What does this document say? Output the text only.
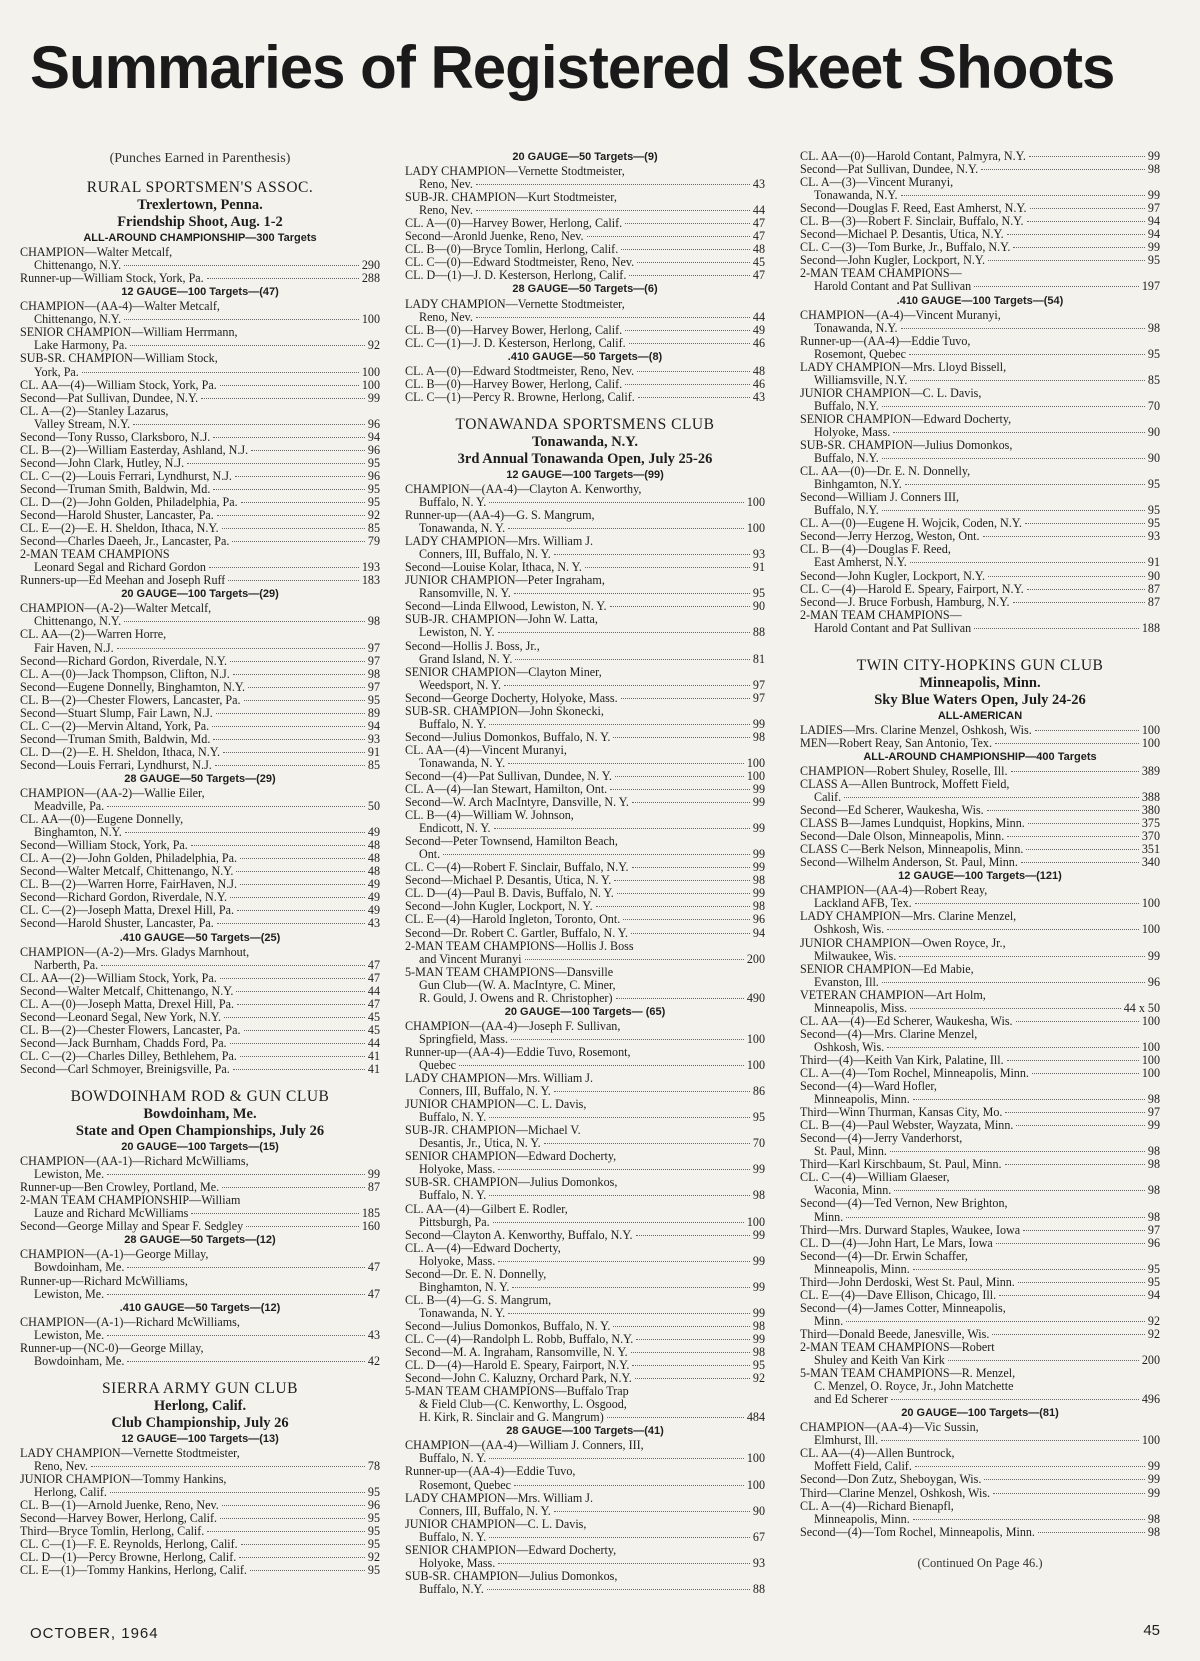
Summaries of Registered Skeet Shoots
(Punches Earned in Parenthesis)
RURAL SPORTSMEN'S ASSOC.
Trexlertown, Penna.
Friendship Shoot, Aug. 1-2
ALL-AROUND CHAMPIONSHIP—300 Targets
CHAMPION—Walter Metcalf,
Chittenango, N.Y.	290
Runner-up—William Stock, York, Pa.	288
12 GAUGE—100 Targets—(47)
CHAMPION—(AA-4)—Walter Metcalf,
Chittenango, N.Y.	100
SENIOR CHAMPION—William Herrmann,
Lake Harmony, Pa.	92
SUB-SR. CHAMPION—William Stock,
York, Pa.	100
CL. AA—(4)—William Stock, York, Pa.	100
Second—Pat Sullivan, Dundee, N.Y.	99
CL. A—(2)—Stanley Lazarus,
Valley Stream, N.Y.	96
Second—Tony Russo, Clarksboro, N.J.	94
CL. B—(2)—William Easterday, Ashland, N.J.	96
Second—John Clark, Hutley, N.J.	95
CL. C—(2)—Louis Ferrari, Lyndhurst, N.J.	96
Second—Truman Smith, Baldwin, Md.	95
CL. D—(2)—John Golden, Philadelphia, Pa.	95
Second—Harold Shuster, Lancaster, Pa.	92
CL. E—(2)—E. H. Sheldon, Ithaca, N.Y.	85
Second—Charles Daeeh, Jr., Lancaster, Pa.	79
2-MAN TEAM CHAMPIONS
Leonard Segal and Richard Gordon	193
Runners-up—Ed Meehan and Joseph Ruff	183
20 GAUGE—100 Targets—(29)
CHAMPION—(A-2)—Walter Metcalf,
Chittenango, N.Y.	98
CL. AA—(2)—Warren Horre,
Fair Haven, N.J.	97
Second—Richard Gordon, Riverdale, N.Y.	97
CL. A—(0)—Jack Thompson, Clifton, N.J.	98
Second—Eugene Donnelly, Binghamton, N.Y.	97
CL. B—(2)—Chester Flowers, Lancaster, Pa.	95
Second—Stuart Slump, Fair Lawn, N.J.	89
CL. C—(2)—Mervin Altand, York, Pa.	94
Second—Truman Smith, Baldwin, Md.	93
CL. D—(2)—E. H. Sheldon, Ithaca, N.Y.	91
Second—Louis Ferrari, Lyndhurst, N.J.	85
28 GAUGE—50 Targets—(29)
CHAMPION—(AA-2)—Wallie Eiler,
Meadville, Pa.	50
CL. AA—(0)—Eugene Donnelly,
Binghamton, N.Y.	49
Second—William Stock, York, Pa.	48
CL. A—(2)—John Golden, Philadelphia, Pa.	48
Second—Walter Metcalf, Chittenango, N.Y.	48
CL. B—(2)—Warren Horre, FairHaven, N.J.	49
Second—Richard Gordon, Riverdale, N.Y.	49
CL. C—(2)—Joseph Matta, Drexel Hill, Pa.	49
Second—Harold Shuster, Lancaster, Pa.	43
.410 GAUGE—50 Targets—(25)
CHAMPION—(A-2)—Mrs. Gladys Marnhout,
Narberth, Pa.	47
CL. AA—(2)—William Stock, York, Pa.	47
Second—Walter Metcalf, Chittenango, N.Y.	44
CL. A—(0)—Joseph Matta, Drexel Hill, Pa.	47
Second—Leonard Segal, New York, N.Y.	45
CL. B—(2)—Chester Flowers, Lancaster, Pa.	45
Second—Jack Burnham, Chadds Ford, Pa.	44
CL. C—(2)—Charles Dilley, Bethlehem, Pa.	41
Second—Carl Schmoyer, Breinigsville, Pa.	41
BOWDOINHAM ROD & GUN CLUB
Bowdoinham, Me.
State and Open Championships, July 26
20 GAUGE—100 Targets—(15)
CHAMPION—(AA-1)—Richard McWilliams,
Lewiston, Me.	99
Runner-up—Ben Crowley, Portland, Me.	87
2-MAN TEAM CHAMPIONSHIP—William
Lauze and Richard McWilliams	185
Second—George Millay and Spear F. Sedgley	160
28 GAUGE—50 Targets—(12)
CHAMPION—(A-1)—George Millay,
Bowdoinham, Me.	47
Runner-up—Richard McWilliams,
Lewiston, Me.	47
.410 GAUGE—50 Targets—(12)
CHAMPION—(A-1)—Richard McWilliams,
Lewiston, Me.	43
Runner-up—(NC-0)—George Millay,
Bowdoinham, Me.	42
SIERRA ARMY GUN CLUB
Herlong, Calif.
Club Championship, July 26
12 GAUGE—100 Targets—(13)
LADY CHAMPION—Vernette Stodtmeister,
Reno, Nev.	78
JUNIOR CHAMPION—Tommy Hankins,
Herlong, Calif.	95
CL. B—(1)—Arnold Juenke, Reno, Nev.	96
Second—Harvey Bower, Herlong, Calif.	95
Third—Bryce Tomlin, Herlong, Calif.	95
CL. C—(1)—F. E. Reynolds, Herlong, Calif.	95
CL. D—(1)—Percy Browne, Herlong, Calif.	92
CL. E—(1)—Tommy Hankins, Herlong, Calif.	95
20 GAUGE—50 Targets—(9)
LADY CHAMPION—Vernette Stodtmeister,
Reno, Nev.	43
SUB-JR. CHAMPION—Kurt Stodtmeister,
Reno, Nev.	44
CL. A—(0)—Harvey Bower, Herlong, Calif.	47
Second—Aronld Juenke, Reno, Nev.	47
CL. B—(0)—Bryce Tomlin, Herlong, Calif.	48
CL. C—(0)—Edward Stodtmeister, Reno, Nev.	45
CL. D—(1)—J. D. Kesterson, Herlong, Calif.	47
28 GAUGE—50 Targets—(6)
LADY CHAMPION—Vernette Stodtmeister,
Reno, Nev.	44
CL. B—(0)—Harvey Bower, Herlong, Calif.	49
CL. C—(1)—J. D. Kesterson, Herlong, Calif.	46
.410 GAUGE—50 Targets—(8)
CL. A—(0)—Edward Stodtmeister, Reno, Nev.	48
CL. B—(0)—Harvey Bower, Herlong, Calif.	46
CL. C—(1)—Percy R. Browne, Herlong, Calif.	43
TONAWANDA SPORTSMENS CLUB
Tonawanda, N.Y.
3rd Annual Tonawanda Open, July 25-26
12 GAUGE—100 Targets—(99)
CHAMPION—(AA-4)—Clayton A. Kenworthy,
Buffalo, N. Y.	100
Runner-up—(AA-4)—G. S. Mangrum,
Tonawanda, N. Y.	100
LADY CHAMPION—Mrs. William J.
Conners, III, Buffalo, N. Y.	93
Second—Louise Kolar, Ithaca, N. Y.	91
JUNIOR CHAMPION—Peter Ingraham,
Ransomville, N. Y.	95
Second—Linda Ellwood, Lewiston, N. Y.	90
SUB-JR. CHAMPION—John W. Latta,
Lewiston, N. Y.	88
Second—Hollis J. Boss, Jr.,
Grand Island, N. Y.	81
SENIOR CHAMPION—Clayton Miner,
Weedsport, N. Y.	97
Second—George Docherty, Holyoke, Mass.	97
SUB-SR. CHAMPION—John Skonecki,
Buffalo, N. Y.	99
Second—Julius Domonkos, Buffalo, N. Y.	98
CL. AA—(4)—Vincent Muranyi,
Tonawanda, N. Y.	100
Second—(4)—Pat Sullivan, Dundee, N. Y.	100
CL. A—(4)—Ian Stewart, Hamilton, Ont.	99
Second—W. Arch MacIntyre, Dansville, N. Y.	99
CL. B—(4)—William W. Johnson,
Endicott, N. Y.	99
Second—Peter Townsend, Hamilton Beach,
Ont.	99
CL. C—(4)—Robert F. Sinclair, Buffalo, N.Y.	99
Second—Michael P. Desantis, Utica, N. Y.	98
CL. D—(4)—Paul B. Davis, Buffalo, N. Y.	99
Second—John Kugler, Lockport, N. Y.	98
CL. E—(4)—Harold Ingleton, Toronto, Ont.	96
Second—Dr. Robert C. Gartler, Buffalo, N. Y.	94
2-MAN TEAM CHAMPIONS—Hollis J. Boss
and Vincent Muranyi	200
5-MAN TEAM CHAMPIONS—Dansville
Gun Club—(W. A. MacIntyre, C. Miner,
R. Gould, J. Owens and R. Christopher)	490
20 GAUGE—100 Targets— (65)
CHAMPION—(AA-4)—Joseph F. Sullivan,
Springfield, Mass.	100
Runner-up—(AA-4)—Eddie Tuvo, Rosemont,
Quebec	100
LADY CHAMPION—Mrs. William J.
Conners, III, Buffalo, N. Y.	86
JUNIOR CHAMPION—C. L. Davis,
Buffalo, N. Y.	95
SUB-JR. CHAMPION—Michael V.
Desantis, Jr., Utica, N. Y.	70
SENIOR CHAMPION—Edward Docherty,
Holyoke, Mass.	99
SUB-SR. CHAMPION—Julius Domonkos,
Buffalo, N. Y.	98
CL. AA—(4)—Gilbert E. Rodler,
Pittsburgh, Pa.	100
Second—Clayton A. Kenworthy, Buffalo, N.Y.	99
CL. A—(4)—Edward Docherty,
Holyoke, Mass.	99
Second—Dr. E. N. Donnelly,
Binghamton, N. Y.	99
CL. B—(4)—G. S. Mangrum,
Tonawanda, N. Y.	99
Second—Julius Domonkos, Buffalo, N. Y.	98
CL. C—(4)—Randolph L. Robb, Buffalo, N.Y.	99
Second—M. A. Ingraham, Ransomville, N. Y.	98
CL. D—(4)—Harold E. Speary, Fairport, N.Y.	95
Second—John C. Kaluzny, Orchard Park, N.Y.	92
5-MAN TEAM CHAMPIONS—Buffalo Trap
& Field Club—(C. Kenworthy, L. Osgood,
H. Kirk, R. Sinclair and G. Mangrum)	484
28 GAUGE—100 Targets—(41)
CHAMPION—(AA-4)—William J. Conners, III,
Buffalo, N. Y.	100
Runner-up—(AA-4)—Eddie Tuvo,
Rosemont, Quebec	100
LADY CHAMPION—Mrs. William J.
Conners, III, Buffalo, N. Y.	90
JUNIOR CHAMPION—C. L. Davis,
Buffalo, N. Y.	67
SENIOR CHAMPION—Edward Docherty,
Holyoke, Mass.	93
SUB-SR. CHAMPION—Julius Domonkos,
Buffalo, N.Y.	88
CL. AA—(0)—Harold Contant, Palmyra, N.Y.	99
Second—Pat Sullivan, Dundee, N.Y.	98
CL. A—(3)—Vincent Muranyi,
Tonawanda, N.Y.	99
Second—Douglas F. Reed, East Amherst, N.Y.	97
CL. B—(3)—Robert F. Sinclair, Buffalo, N.Y.	94
Second—Michael P. Desantis, Utica, N.Y.	94
CL. C—(3)—Tom Burke, Jr., Buffalo, N.Y.	99
Second—John Kugler, Lockport, N.Y.	95
2-MAN TEAM CHAMPIONS—
Harold Contant and Pat Sullivan	197
.410 GAUGE—100 Targets—(54)
CHAMPION—(A-4)—Vincent Muranyi,
Tonawanda, N.Y.	98
Runner-up—(AA-4)—Eddie Tuvo,
Rosemont, Quebec	95
LADY CHAMPION—Mrs. Lloyd Bissell,
Williamsville, N.Y.	85
JUNIOR CHAMPION—C. L. Davis,
Buffalo, N.Y.	70
SENIOR CHAMPION—Edward Docherty,
Holyoke, Mass.	90
SUB-SR. CHAMPION—Julius Domonkos,
Buffalo, N.Y.	90
CL. AA—(0)—Dr. E. N. Donnelly,
Binhgamton, N.Y.	95
Second—William J. Conners III,
Buffalo, N.Y.	95
CL. A—(0)—Eugene H. Wojcik, Coden, N.Y.	95
Second—Jerry Herzog, Weston, Ont.	93
CL. B—(4)—Douglas F. Reed,
East Amherst, N.Y.	91
Second—John Kugler, Lockport, N.Y.	90
CL. C—(4)—Harold E. Speary, Fairport, N.Y.	87
Second—J. Bruce Forbush, Hamburg, N.Y.	87
2-MAN TEAM CHAMPIONS—
Harold Contant and Pat Sullivan	188
TWIN CITY-HOPKINS GUN CLUB
Minneapolis, Minn.
Sky Blue Waters Open, July 24-26
ALL-AMERICAN
LADIES—Mrs. Clarine Menzel, Oshkosh, Wis.	100
MEN—Robert Reay, San Antonio, Tex.	100
ALL-AROUND CHAMPIONSHIP—400 Targets
CHAMPION—Robert Shuley, Roselle, Ill.	389
CLASS A—Allen Buntrock, Moffett Field,
Calif.	388
Second—Ed Scherer, Waukesha, Wis.	380
CLASS B—James Lundquist, Hopkins, Minn.	375
Second—Dale Olson, Minneapolis, Minn.	370
CLASS C—Berk Nelson, Minneapolis, Minn.	351
Second—Wilhelm Anderson, St. Paul, Minn.	340
12 GAUGE—100 Targets—(121)
CHAMPION—(AA-4)—Robert Reay,
Lackland AFB, Tex.	100
LADY CHAMPION—Mrs. Clarine Menzel,
Oshkosh, Wis.	100
JUNIOR CHAMPION—Owen Royce, Jr.,
Milwaukee, Wis.	99
SENIOR CHAMPION—Ed Mabie,
Evanston, Ill.	96
VETERAN CHAMPION—Art Holm,
Minneapolis, Miss.	44 x 50
CL. AA—(4)—Ed Scherer, Waukesha, Wis.	100
Second—(4)—Mrs. Clarine Menzel,
Oshkosh, Wis.	100
Third—(4)—Keith Van Kirk, Palatine, Ill.	100
CL. A—(4)—Tom Rochel, Minneapolis, Minn.	100
Second—(4)—Ward Hofler,
Minneapolis, Minn.	98
Third—Winn Thurman, Kansas City, Mo.	97
CL. B—(4)—Paul Webster, Wayzata, Minn.	99
Second—(4)—Jerry Vanderhorst,
St. Paul, Minn.	98
Third—Karl Kirschbaum, St. Paul, Minn.	98
CL. C—(4)—William Glaeser,
Waconia, Minn.	98
Second—(4)—Ted Vernon, New Brighton,
Minn.	98
Third—Mrs. Durward Staples, Waukee, Iowa	97
CL. D—(4)—John Hart, Le Mars, Iowa	96
Second—(4)—Dr. Erwin Schaffer,
Minneapolis, Minn.	95
Third—John Derdoski, West St. Paul, Minn.	95
CL. E—(4)—Dave Ellison, Chicago, Ill.	94
Second—(4)—James Cotter, Minneapolis,
Minn.	92
Third—Donald Beede, Janesville, Wis.	92
2-MAN TEAM CHAMPIONS—Robert
Shuley and Keith Van Kirk	200
5-MAN TEAM CHAMPIONS—R. Menzel,
C. Menzel, O. Royce, Jr., John Matchette
and Ed Scherer	496
20 GAUGE—100 Targets—(81)
CHAMPION—(AA-4)—Vic Sussin,
Elmhurst, Ill.	100
CL. AA—(4)—Allen Buntrock,
Moffett Field, Calif.	99
Second—Don Zutz, Sheboygan, Wis.	99
Third—Clarine Menzel, Oshkosh, Wis.	99
CL. A—(4)—Richard Bienapfl,
Minneapolis, Minn.	98
Second—(4)—Tom Rochel, Minneapolis, Minn.	98
(Continued On Page 46.)
OCTOBER, 1964	45
